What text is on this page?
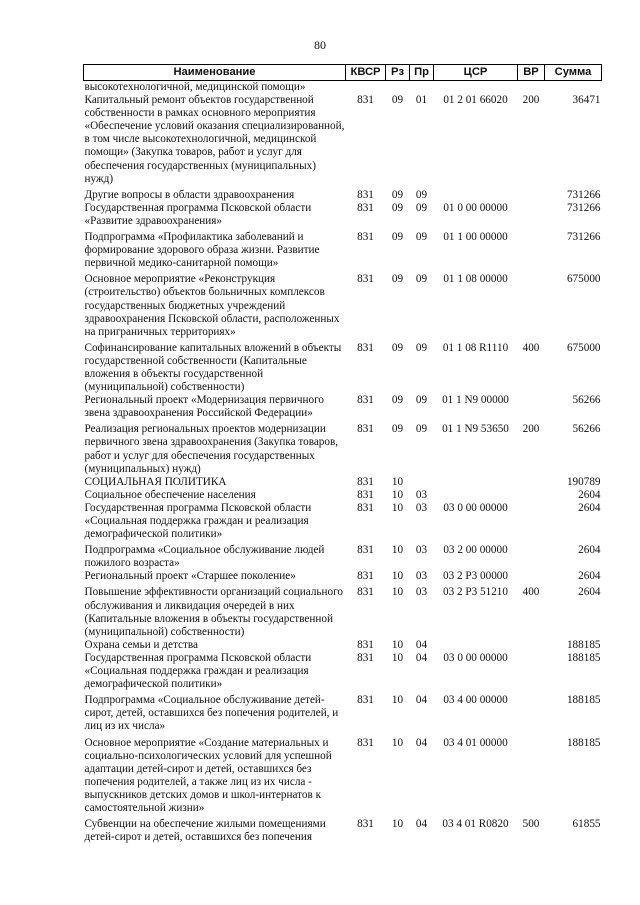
80
Наименование	КВСР	Рз	Пр	ЦСР	ВР	Сумма
высокотехнологичной, медицинской помощи»						
Капитальный ремонт объектов государственной собственности в рамках основного мероприятия «Обеспечение условий оказания специализированной, в том числе высокотехнологичной, медицинской помощи» (Закупка товаров, работ и услуг для обеспечения государственных (муниципальных) нужд)	831	09	01	01 2 01 66020	200	36471
Другие вопросы в области здравоохранения	831	09	09			731266
Государственная программа Псковской области «Развитие здравоохранения»	831	09	09	01 0 00 00000		731266
Подпрограмма «Профилактика заболеваний и формирование здорового образа жизни. Развитие первичной медико-санитарной помощи»	831	09	09	01 1 00 00000		731266
Основное мероприятие «Реконструкция (строительство) объектов больничных комплексов государственных бюджетных учреждений здравоохранения Псковской области, расположенных на приграничных территориях»	831	09	09	01 1 08 00000		675000
Софинансирование капитальных вложений в объекты государственной собственности (Капитальные вложения в объекты государственной (муниципальной) собственности)	831	09	09	01 1 08 R1110	400	675000
Региональный проект «Модернизация первичного звена здравоохранения Российской Федерации»	831	09	09	01 1 N9 00000		56266
Реализация региональных проектов модернизации первичного звена здравоохранения (Закупка товаров, работ и услуг для обеспечения государственных (муниципальных) нужд)	831	09	09	01 1 N9 53650	200	56266
СОЦИАЛЬНАЯ ПОЛИТИКА	831	10				190789
Социальное обеспечение населения	831	10	03			2604
Государственная программа Псковской области «Социальная поддержка граждан и реализация демографической политики»	831	10	03	03 0 00 00000		2604
Подпрограмма «Социальное обслуживание людей пожилого возраста»	831	10	03	03 2 00 00000		2604
Региональный проект «Старшее поколение»	831	10	03	03 2 P3 00000		2604
Повышение эффективности организаций социального обслуживания и ликвидация очередей в них (Капитальные вложения в объекты государственной (муниципальной) собственности)	831	10	03	03 2 P3 51210	400	2604
Охрана семьи и детства	831	10	04			188185
Государственная программа Псковской области «Социальная поддержка граждан и реализация демографической политики»	831	10	04	03 0 00 00000		188185
Подпрограмма «Социальное обслуживание детей-сирот, детей, оставшихся без попечения родителей, и лиц из их числа»	831	10	04	03 4 00 00000		188185
Основное мероприятие «Создание материальных и социально-психологических условий для успешной адаптации детей-сирот и детей, оставшихся без попечения родителей, а также лиц из их числа - выпускников детских домов и школ-интернатов к самостоятельной жизни»	831	10	04	03 4 01 00000		188185
Субвенции на обеспечение жилыми помещениями детей-сирот и детей, оставшихся без попечения	831	10	04	03 4 01 R0820	500	61855
